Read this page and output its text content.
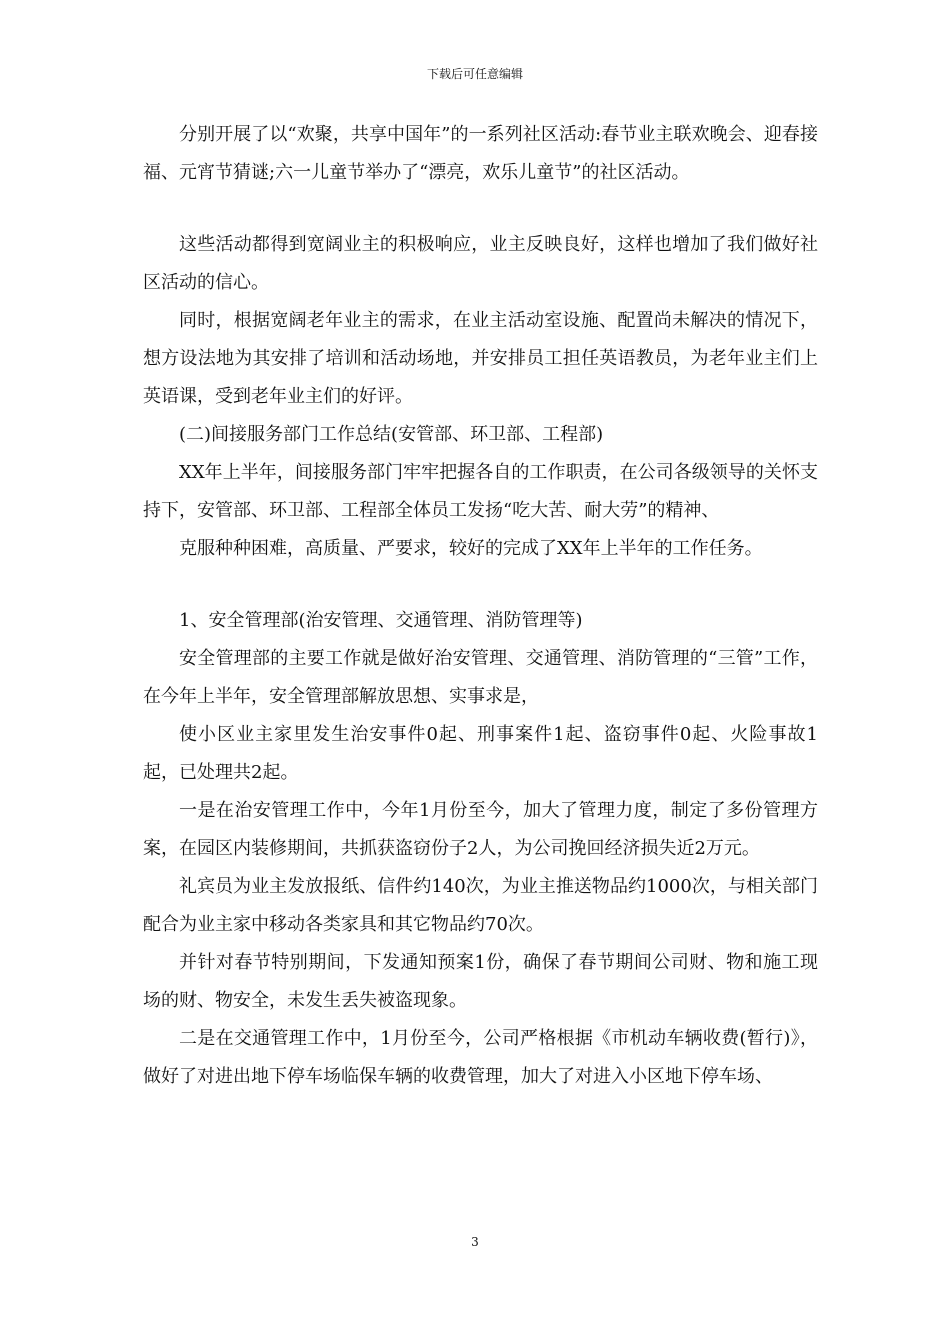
下载后可任意编辑

分别开展了以“欢聚，共享中国年”的一系列社区活动:春节业主联欢晚会、迎春接福、元宵节猜谜;六一儿童节举办了“漂亮，欢乐儿童节”的社区活动。

这些活动都得到宽阔业主的积极响应，业主反映良好，这样也增加了我们做好社区活动的信心。

同时，根据宽阔老年业主的需求，在业主活动室设施、配置尚未解决的情况下，想方设法地为其安排了培训和活动场地，并安排员工担任英语教员，为老年业主们上英语课，受到老年业主们的好评。

(二)间接服务部门工作总结(安管部、环卫部、工程部)

XX年上半年，间接服务部门牢牢把握各自的工作职责，在公司各级领导的关怀支持下，安管部、环卫部、工程部全体员工发扬“吃大苦、耐大劳”的精神、

克服种种困难，高质量、严要求，较好的完成了XX年上半年的工作任务。

1、安全管理部(治安管理、交通管理、消防管理等)

安全管理部的主要工作就是做好治安管理、交通管理、消防管理的“三管”工作，在今年上半年，安全管理部解放思想、实事求是，

使小区业主家里发生治安事件0起、刑事案件1起、盗窃事件0起、火险事故1起，已处理共2起。

一是在治安管理工作中，今年1月份至今，加大了管理力度，制定了多份管理方案，在园区内装修期间，共抓获盗窃份子2人，为公司挽回经济损失近2万元。

礼宾员为业主发放报纸、信件约140次，为业主推送物品约1000次，与相关部门配合为业主家中移动各类家具和其它物品约70次。

并针对春节特别期间，下发通知预案1份，确保了春节期间公司财、物和施工现场的财、物安全，未发生丢失被盗现象。

二是在交通管理工作中，1月份至今，公司严格根据《市机动车辆收费(暂行)》，做好了对进出地下停车场临保车辆的收费管理，加大了对进入小区地下停车场、

3
